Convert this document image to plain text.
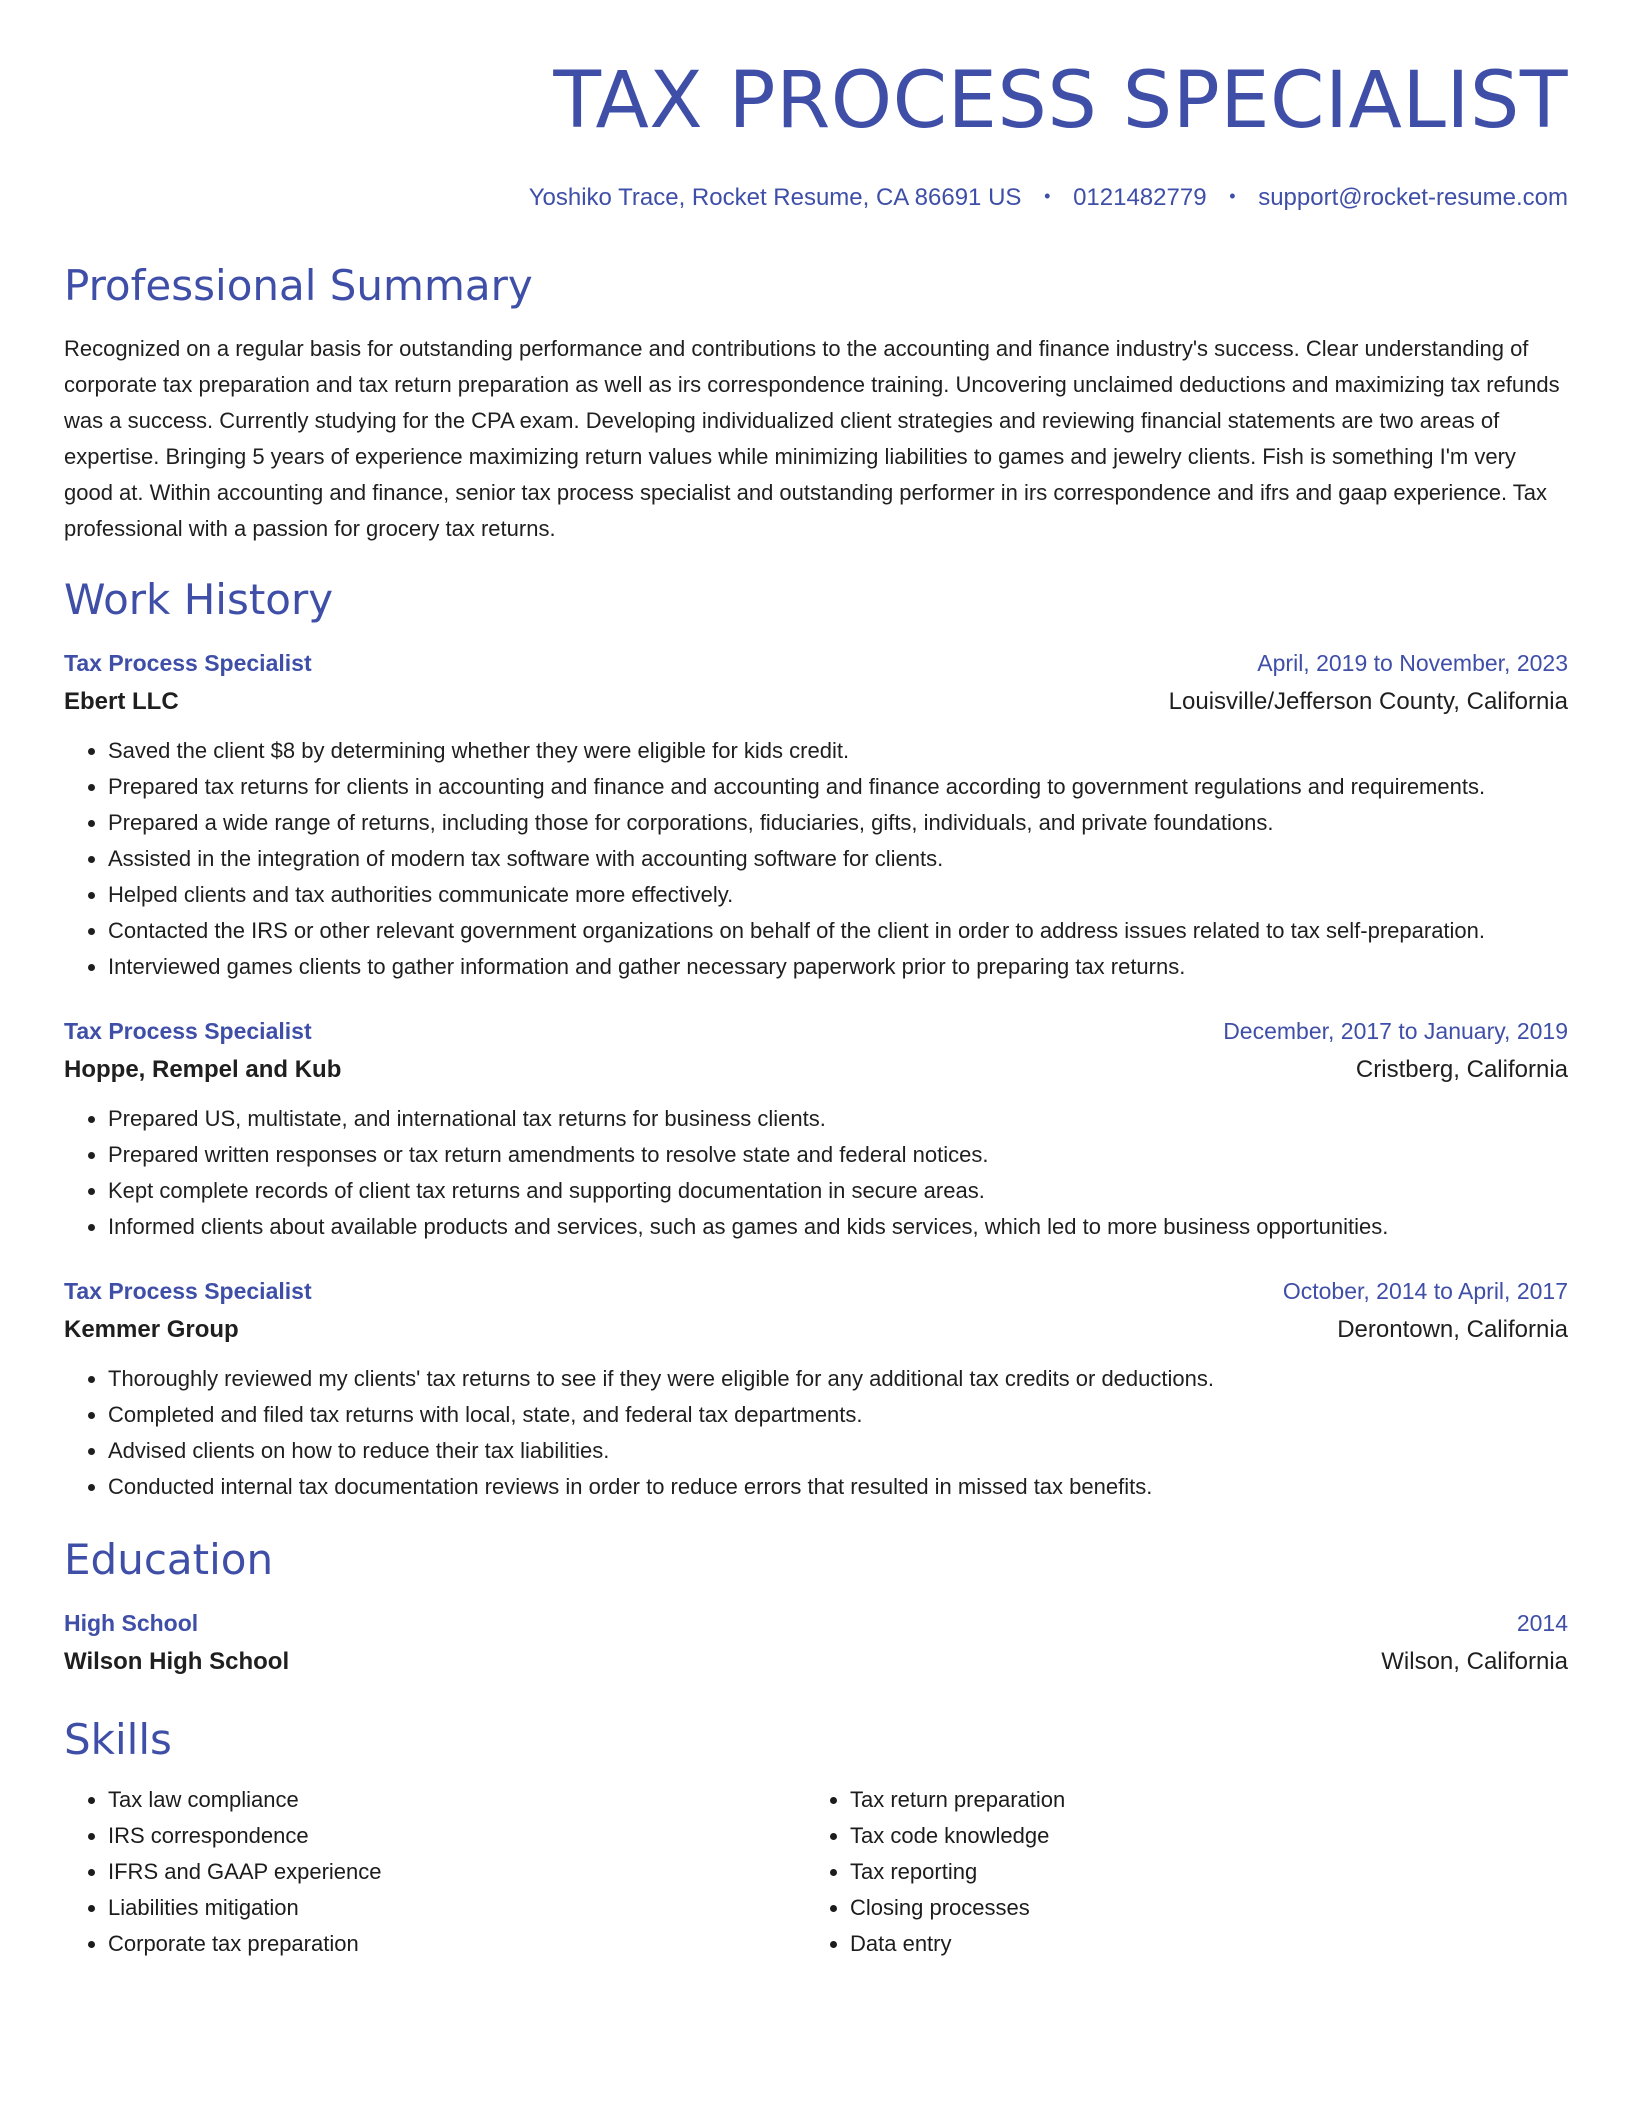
TAX PROCESS SPECIALIST
Yoshiko Trace, Rocket Resume, CA 86691 US • 0121482779 • support@rocket-resume.com
Professional Summary
Recognized on a regular basis for outstanding performance and contributions to the accounting and finance industry's success. Clear understanding of corporate tax preparation and tax return preparation as well as irs correspondence training. Uncovering unclaimed deductions and maximizing tax refunds was a success. Currently studying for the CPA exam. Developing individualized client strategies and reviewing financial statements are two areas of expertise. Bringing 5 years of experience maximizing return values while minimizing liabilities to games and jewelry clients. Fish is something I'm very good at. Within accounting and finance, senior tax process specialist and outstanding performer in irs correspondence and ifrs and gaap experience. Tax professional with a passion for grocery tax returns.
Work History
Tax Process Specialist	April, 2019 to November, 2023
Ebert LLC	Louisville/Jefferson County, California
• Saved the client $8 by determining whether they were eligible for kids credit.
• Prepared tax returns for clients in accounting and finance and accounting and finance according to government regulations and requirements.
• Prepared a wide range of returns, including those for corporations, fiduciaries, gifts, individuals, and private foundations.
• Assisted in the integration of modern tax software with accounting software for clients.
• Helped clients and tax authorities communicate more effectively.
• Contacted the IRS or other relevant government organizations on behalf of the client in order to address issues related to tax self-preparation.
• Interviewed games clients to gather information and gather necessary paperwork prior to preparing tax returns.
Tax Process Specialist	December, 2017 to January, 2019
Hoppe, Rempel and Kub	Cristberg, California
• Prepared US, multistate, and international tax returns for business clients.
• Prepared written responses or tax return amendments to resolve state and federal notices.
• Kept complete records of client tax returns and supporting documentation in secure areas.
• Informed clients about available products and services, such as games and kids services, which led to more business opportunities.
Tax Process Specialist	October, 2014 to April, 2017
Kemmer Group	Derontown, California
• Thoroughly reviewed my clients' tax returns to see if they were eligible for any additional tax credits or deductions.
• Completed and filed tax returns with local, state, and federal tax departments.
• Advised clients on how to reduce their tax liabilities.
• Conducted internal tax documentation reviews in order to reduce errors that resulted in missed tax benefits.
Education
High School	2014
Wilson High School	Wilson, California
Skills
• Tax law compliance
• IRS correspondence
• IFRS and GAAP experience
• Liabilities mitigation
• Corporate tax preparation
• Tax return preparation
• Tax code knowledge
• Tax reporting
• Closing processes
• Data entry
